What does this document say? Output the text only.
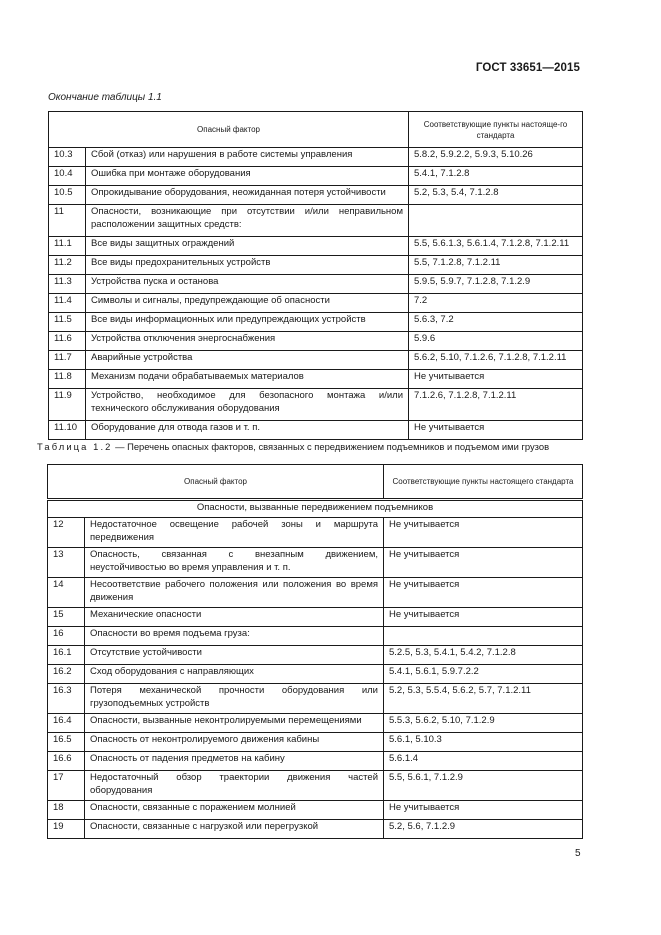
ГОСТ 33651—2015
Окончание таблицы 1.1
Опасный фактор		Соответствующие пункты настояще-го стандарта
10.3	Сбой (отказ) или нарушения в работе системы управления	5.8.2, 5.9.2.2, 5.9.3, 5.10.26
10.4	Ошибка при монтаже оборудования	5.4.1, 7.1.2.8
10.5	Опрокидывание оборудования, неожиданная потеря устойчивости	5.2, 5.3, 5.4, 7.1.2.8
11	Опасности, возникающие при отсутствии и/или неправильном расположении защитных средств:	
11.1	Все виды защитных ограждений	5.5, 5.6.1.3, 5.6.1.4, 7.1.2.8, 7.1.2.11
11.2	Все виды предохранительных устройств	5.5, 7.1.2.8, 7.1.2.11
11.3	Устройства пуска и останова	5.9.5, 5.9.7, 7.1.2.8, 7.1.2.9
11.4	Символы и сигналы, предупреждающие об опасности	7.2
11.5	Все виды информационных или предупреждающих устройств	5.6.3, 7.2
11.6	Устройства отключения энергоснабжения	5.9.6
11.7	Аварийные устройства	5.6.2, 5.10, 7.1.2.6, 7.1.2.8, 7.1.2.11
11.8	Механизм подачи обрабатываемых материалов	Не учитывается
11.9	Устройство, необходимое для безопасного монтажа и/или технического обслуживания оборудования	7.1.2.6, 7.1.2.8, 7.1.2.11
11.10	Оборудование для отвода газов и т. п.	Не учитывается
Таблица 1.2 — Перечень опасных факторов, связанных с передвижением подъемников и подъемом ими грузов
Опасный фактор		Соответствующие пункты настоящего стандарта
Опасности, вызванные передвижением подъемников		
12	Недостаточное освещение рабочей зоны и маршрута передвижения	Не учитывается
13	Опасность, связанная с внезапным движением, неустойчивостью во время управления и т. п.	Не учитывается
14	Несоответствие рабочего положения или положения во время движения	Не учитывается
15	Механические опасности	Не учитывается
16	Опасности во время подъема груза:	
16.1	Отсутствие устойчивости	5.2.5, 5.3, 5.4.1, 5.4.2, 7.1.2.8
16.2	Сход оборудования с направляющих	5.4.1, 5.6.1, 5.9.7.2.2
16.3	Потеря механической прочности оборудования или грузоподъемных устройств	5.2, 5.3, 5.5.4, 5.6.2, 5.7, 7.1.2.11
16.4	Опасности, вызванные неконтролируемыми перемещениями	5.5.3, 5.6.2, 5.10, 7.1.2.9
16.5	Опасность от неконтролируемого движения кабины	5.6.1, 5.10.3
16.6	Опасность от падения предметов на кабину	5.6.1.4
17	Недостаточный обзор траектории движения частей оборудования	5.5, 5.6.1, 7.1.2.9
18	Опасности, связанные с поражением молнией	Не учитывается
19	Опасности, связанные с нагрузкой или перегрузкой	5.2, 5.6, 7.1.2.9
5
